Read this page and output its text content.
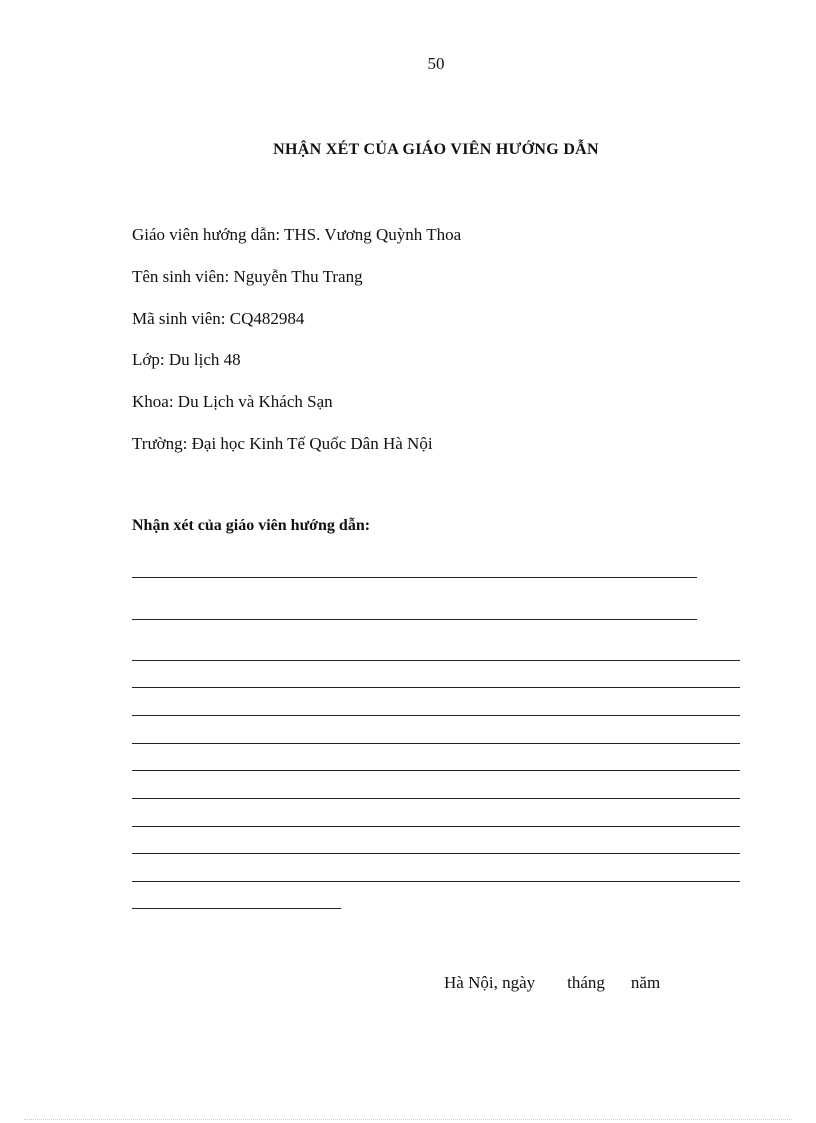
50
NHẬN XÉT CỦA GIÁO VIÊN HƯỚNG DẪN
Giáo viên hướng dẫn: THS. Vương Quỳnh Thoa
Tên sinh viên: Nguyễn Thu Trang
Mã sinh viên: CQ482984
Lớp: Du lịch 48
Khoa: Du Lịch và Khách Sạn
Trường: Đại học Kinh Tế Quốc Dân Hà Nội
Nhận xét của giáo viên hướng dẫn:
Hà Nội, ngày tháng năm
